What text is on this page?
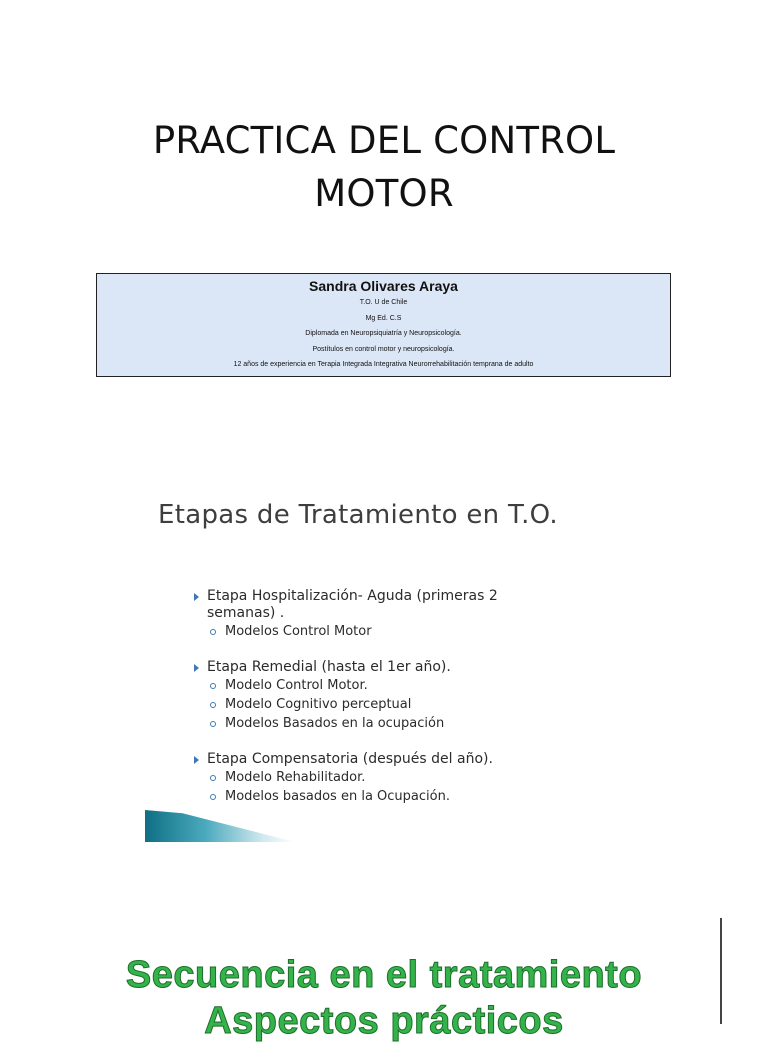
PRACTICA DEL CONTROL
MOTOR
Sandra Olivares Araya
T.O. U de Chile
Mg Ed. C.S
Diplomada en Neuropsiquiatría y Neuropsicología.
Postítulos en control motor y neuropsicología.
12 años de experiencia en Terapia Integrada Integrativa Neurorrehabilitación temprana de adulto
Etapas de Tratamiento en T.O.
Etapa Hospitalización- Aguda (primeras 2
semanas) .
Modelos Control Motor
Etapa Remedial (hasta el 1er año).
Modelo Control Motor.
Modelo Cognitivo perceptual
Modelos Basados en la ocupación
Etapa Compensatoria (después del año).
Modelo Rehabilitador.
Modelos basados en la Ocupación.
Secuencia en el tratamiento
Aspectos prácticos
